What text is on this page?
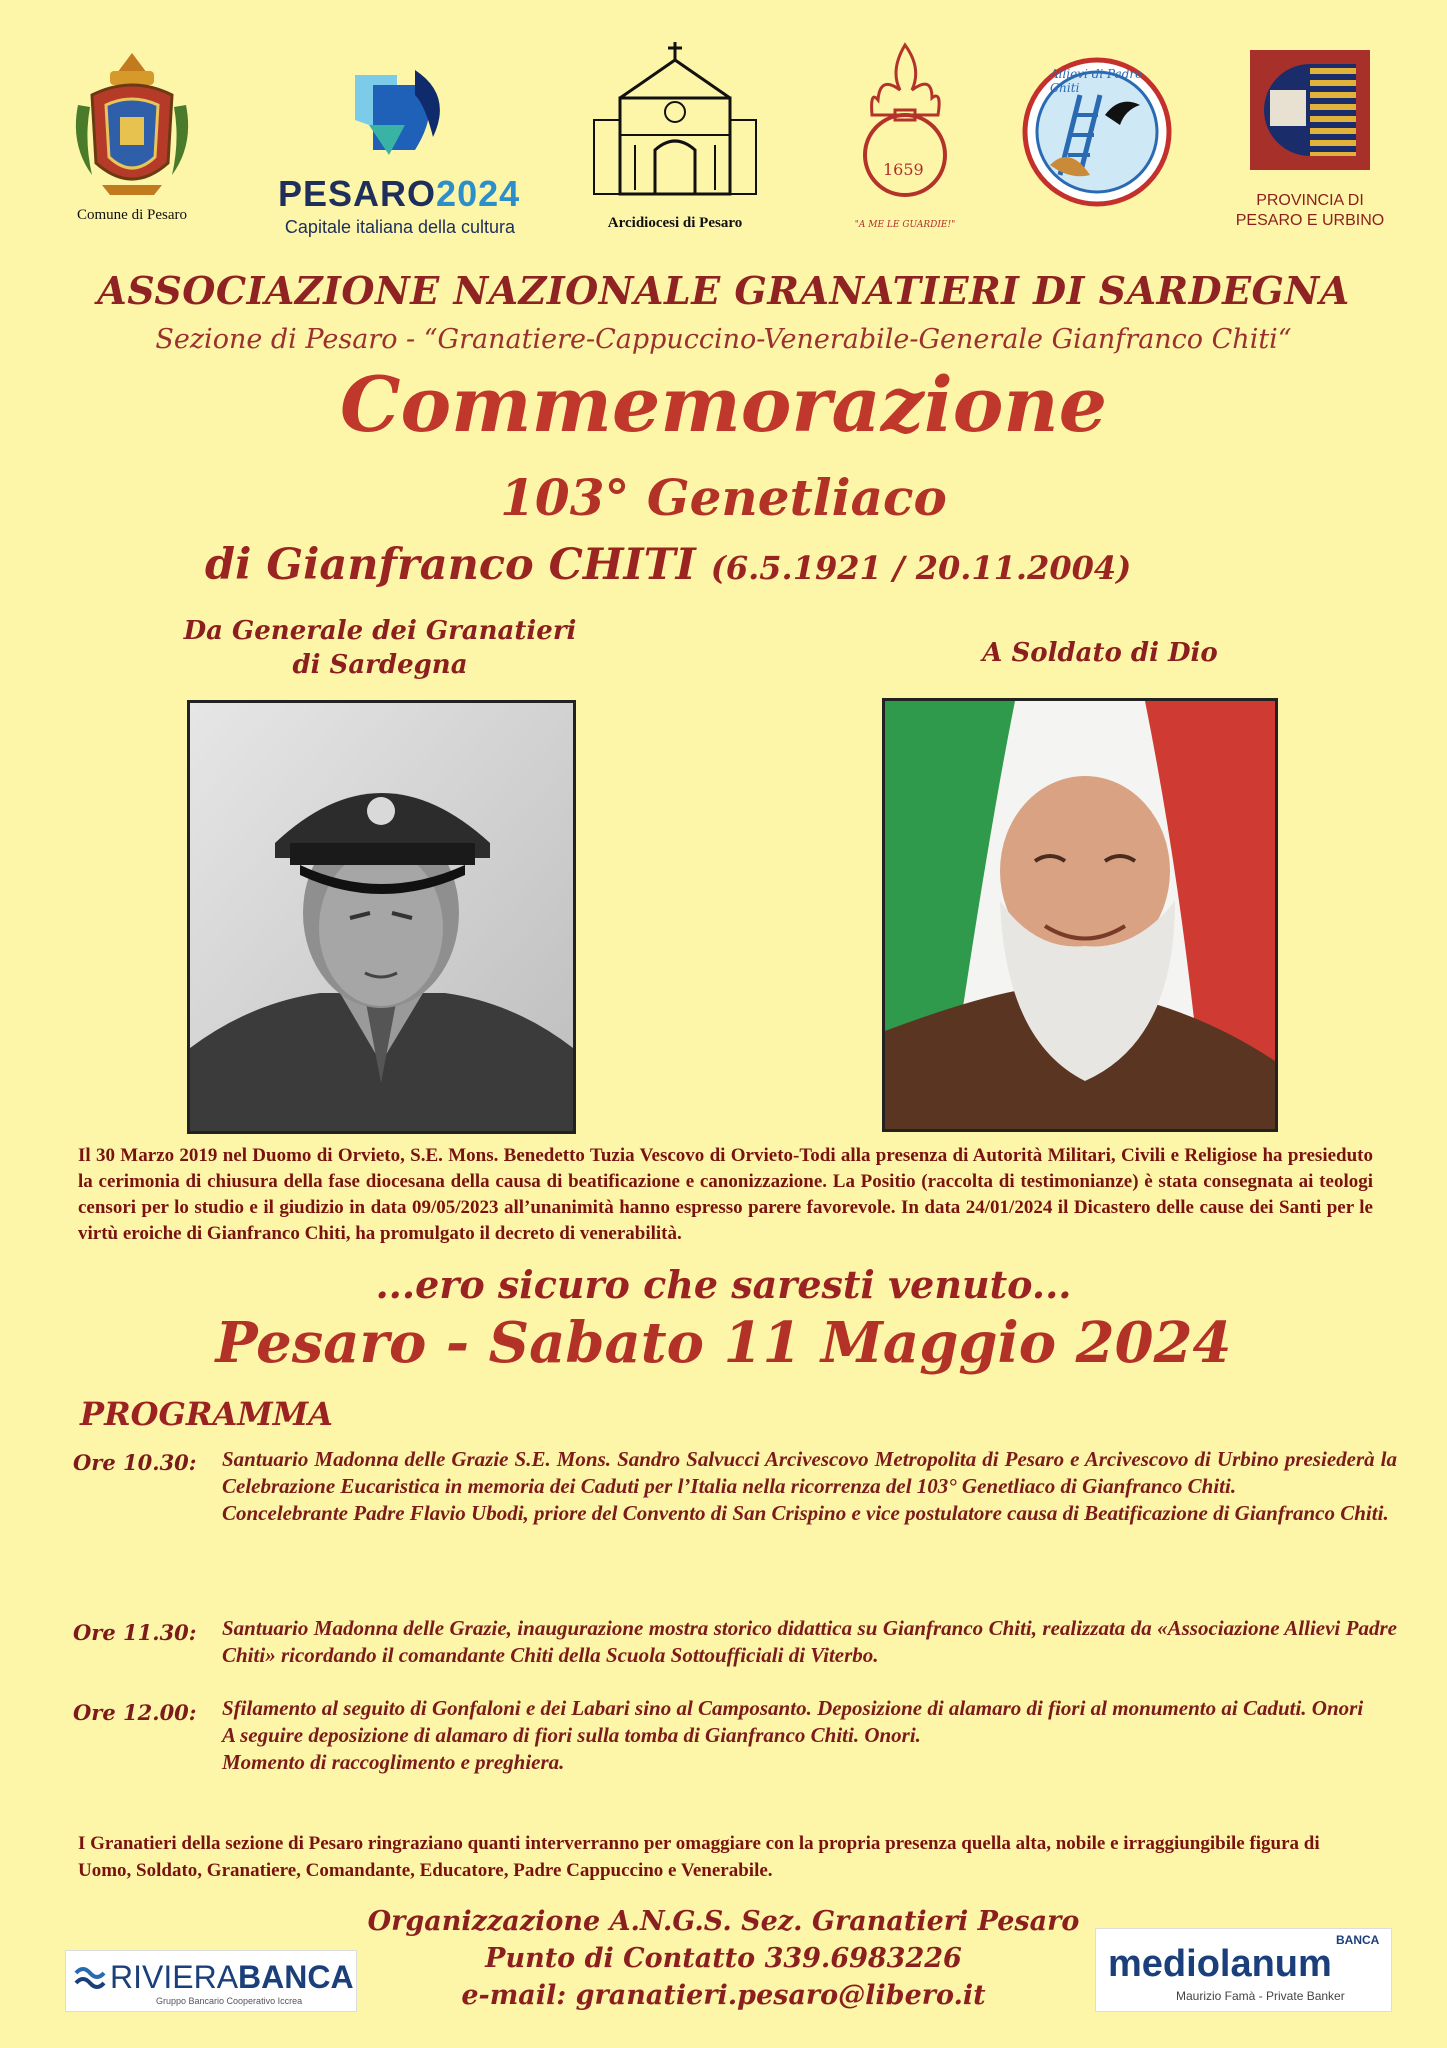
Comune di Pesaro
PESARO2024
Capitale italiana della cultura	Arcidiocesi di Pesaro
1659
"A ME LE GUARDIE!"
Allievi di Padre Chiti
PROVINCIA DI
PESARO E URBINO
ASSOCIAZIONE NAZIONALE GRANATIERI DI SARDEGNA
Sezione di Pesaro - “Granatiere-Cappuccino-Venerabile-Generale Gianfranco Chiti“
Commemorazione
103° Genetliaco
di Gianfranco CHITI (6.5.1921 / 20.11.2004)
Da Generale dei Granatieri
di Sardegna	A Soldato di Dio
Il 30 Marzo 2019 nel Duomo di Orvieto, S.E. Mons. Benedetto Tuzia Vescovo di Orvieto-Todi alla presenza di Autorità Militari, Civili e Religiose ha presieduto la cerimonia di chiusura della fase diocesana della causa di beatificazione e canonizzazione. La Positio (raccolta di testimonianze) è stata consegnata ai teologi censori per lo studio e il giudizio in data 09/05/2023 all’unanimità hanno espresso parere favorevole. In data 24/01/2024 il Dicastero delle cause dei Santi per le virtù eroiche di Gianfranco Chiti, ha promulgato il decreto di venerabilità.
...ero sicuro che saresti venuto...
Pesaro - Sabato 11 Maggio 2024
PROGRAMMA
Ore 10.30: Santuario Madonna delle Grazie S.E. Mons. Sandro Salvucci Arcivescovo Metropolita di Pesaro e Arcivescovo di Urbino presiederà la Celebrazione Eucaristica in memoria dei Caduti per l’Italia nella ricorrenza del 103° Genetliaco di Gianfranco Chiti.
Concelebrante Padre Flavio Ubodi, priore del Convento di San Crispino e vice postulatore causa di Beatificazione di Gianfranco Chiti.
Ore 11.30: Santuario Madonna delle Grazie, inaugurazione mostra storico didattica su Gianfranco Chiti, realizzata da «Associazione Allievi Padre Chiti» ricordando il comandante Chiti della Scuola Sottoufficiali di Viterbo.
Ore 12.00: Sfilamento al seguito di Gonfaloni e dei Labari sino al Camposanto. Deposizione di alamaro di fiori al monumento ai Caduti. Onori
A seguire deposizione di alamaro di fiori sulla tomba di Gianfranco Chiti. Onori.
Momento di raccoglimento e preghiera.
I Granatieri della sezione di Pesaro ringraziano quanti interverranno per omaggiare con la propria presenza quella alta, nobile e irraggiungibile figura di Uomo, Soldato, Granatiere, Comandante, Educatore, Padre Cappuccino e Venerabile.
Organizzazione A.N.G.S. Sez. Granatieri Pesaro
Punto di Contatto 339.6983226
e-mail: granatieri.pesaro@libero.it
RIVIERABANCA
Gruppo Bancario Cooperativo Iccrea
BANCA
mediolanum
Maurizio Famà - Private Banker
